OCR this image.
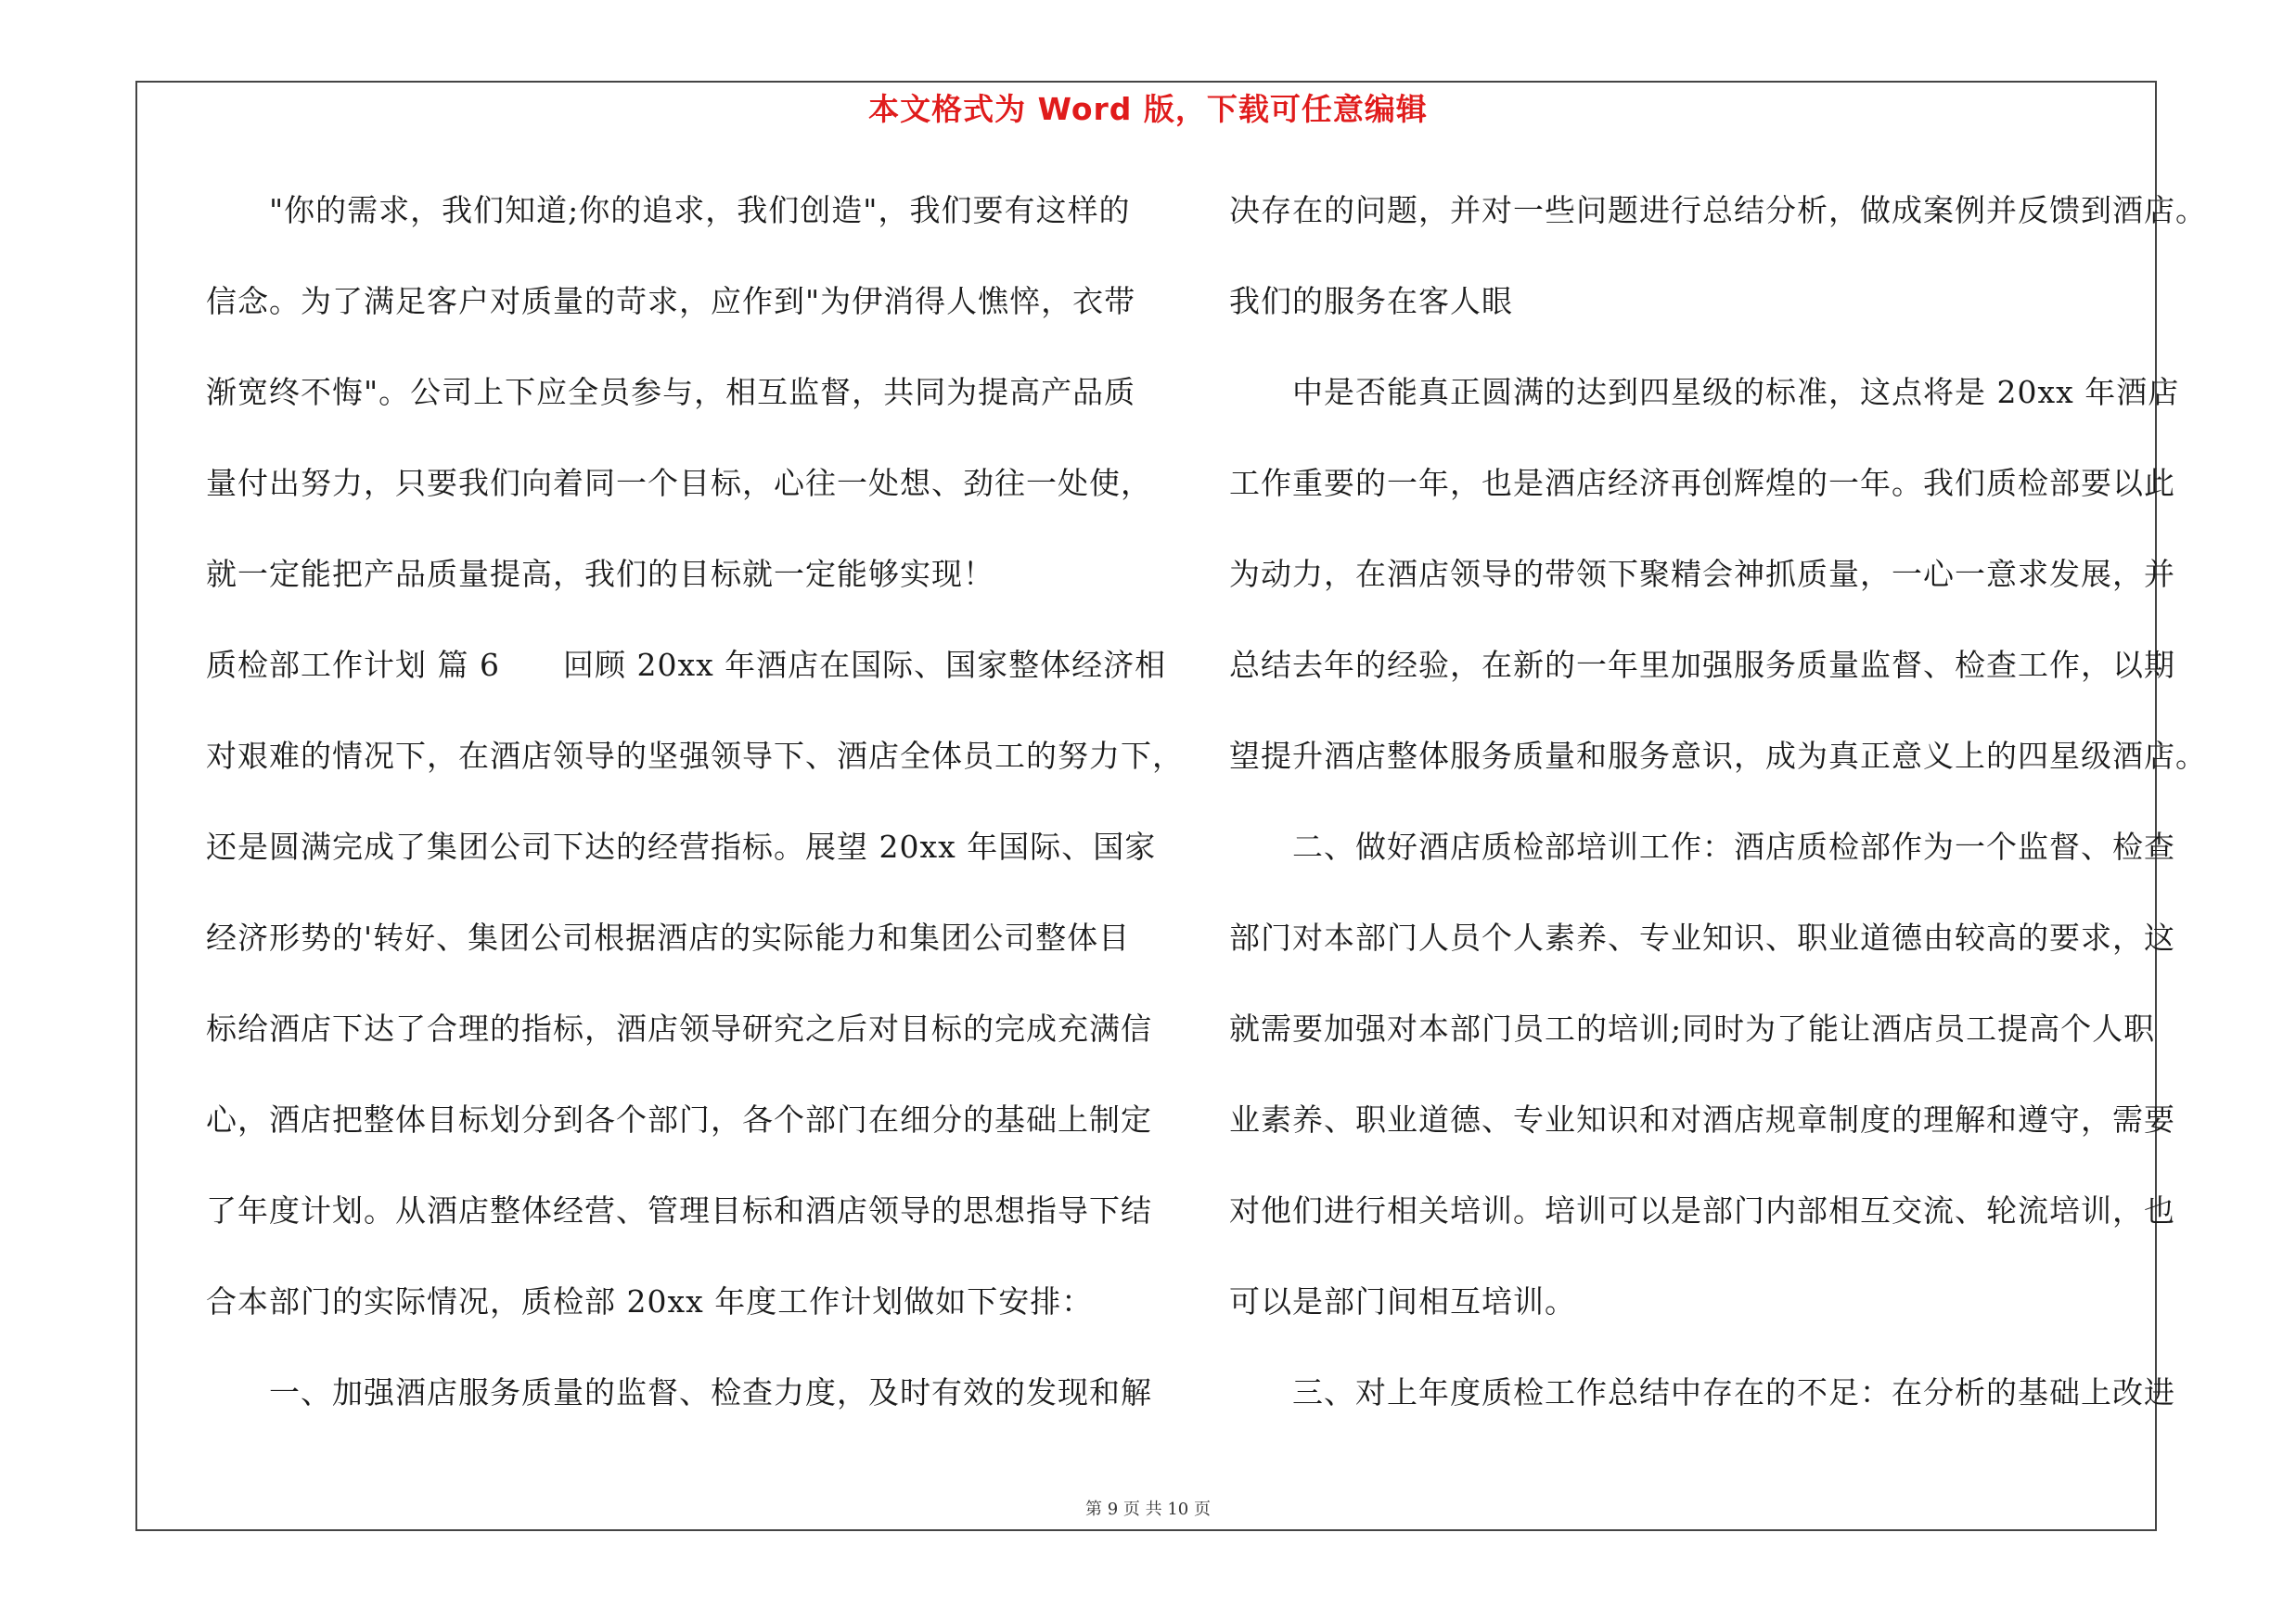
本文格式为 Word 版，下载可任意编辑
　　"你的需求，我们知道;你的追求，我们创造"，我们要有这样的
信念。为了满足客户对质量的苛求，应作到"为伊消得人憔悴，衣带
渐宽终不悔"。公司上下应全员参与，相互监督，共同为提高产品质
量付出努力，只要我们向着同一个目标，心往一处想、劲往一处使，
就一定能把产品质量提高，我们的目标就一定能够实现！
质检部工作计划 篇 6　　回顾 20xx 年酒店在国际、国家整体经济相
对艰难的情况下，在酒店领导的坚强领导下、酒店全体员工的努力下，
还是圆满完成了集团公司下达的经营指标。展望 20xx 年国际、国家
经济形势的'转好、集团公司根据酒店的实际能力和集团公司整体目
标给酒店下达了合理的指标，酒店领导研究之后对目标的完成充满信
心，酒店把整体目标划分到各个部门，各个部门在细分的基础上制定
了年度计划。从酒店整体经营、管理目标和酒店领导的思想指导下结
合本部门的实际情况，质检部 20xx 年度工作计划做如下安排：
　　一、加强酒店服务质量的监督、检查力度，及时有效的发现和解
决存在的问题，并对一些问题进行总结分析，做成案例并反馈到酒店。
我们的服务在客人眼
　　中是否能真正圆满的达到四星级的标准，这点将是 20xx 年酒店
工作重要的一年，也是酒店经济再创辉煌的一年。我们质检部要以此
为动力，在酒店领导的带领下聚精会神抓质量，一心一意求发展，并
总结去年的经验，在新的一年里加强服务质量监督、检查工作，以期
望提升酒店整体服务质量和服务意识，成为真正意义上的四星级酒店。
　　二、做好酒店质检部培训工作：酒店质检部作为一个监督、检查
部门对本部门人员个人素养、专业知识、职业道德由较高的要求，这
就需要加强对本部门员工的培训;同时为了能让酒店员工提高个人职
业素养、职业道德、专业知识和对酒店规章制度的理解和遵守，需要
对他们进行相关培训。培训可以是部门内部相互交流、轮流培训，也
可以是部门间相互培训。
　　三、对上年度质检工作总结中存在的不足：在分析的基础上改进
第 9 页 共 10 页
